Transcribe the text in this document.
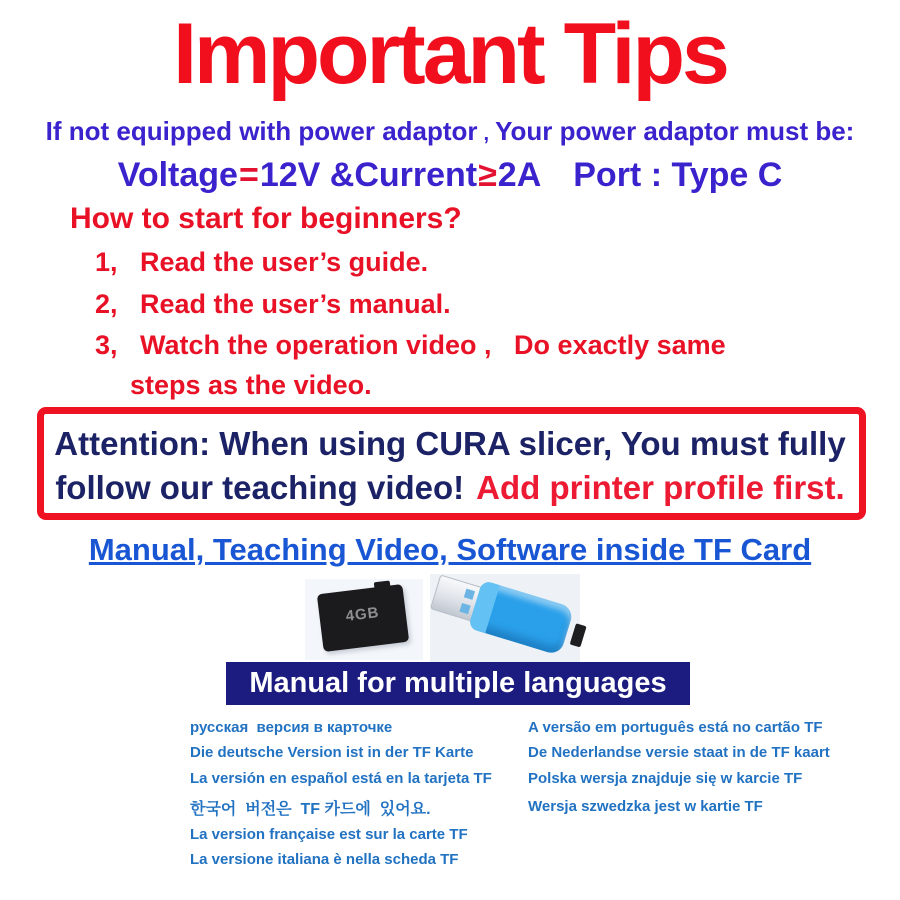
Important Tips
If not equipped with power adaptor , Your power adaptor must be:
Voltage=12V &Current≥2A Port : Type C
How to start for beginners?
1,   Read the user’s guide.
2,   Read the user’s manual.
3,   Watch the operation video ,   Do exactly same
steps as the video.
Attention: When using CURA slicer, You must fully
follow our teaching video! Add printer profile first.
Manual, Teaching Video, Software inside TF Card
4GB
Manual for multiple languages
русская  версия в карточке
Die deutsche Version ist in der TF Karte
La versión en español está en la tarjeta TF
한국어  버전은  TF 카드에  있어요.
La version française est sur la carte TF
La versione italiana è nella scheda TF
A versão em português está no cartão TF
De Nederlandse versie staat in de TF kaart
Polska wersja znajduje się w karcie TF
Wersja szwedzka jest w kartie TF
